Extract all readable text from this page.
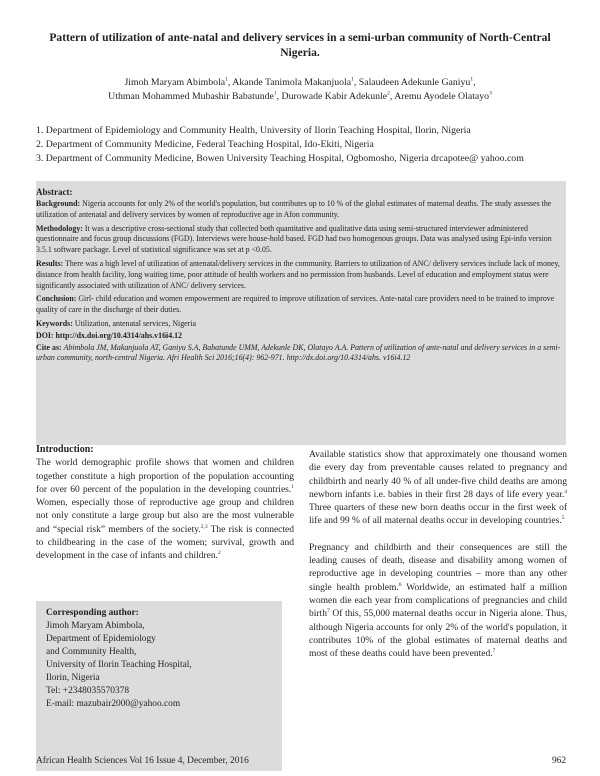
Pattern of utilization of ante-natal and delivery services in a semi-urban community of North-Central Nigeria.
Jimoh Maryam Abimbola$^1$, Akande Tanimola Makanjuola$^1$, Salaudeen Adekunle Ganiyu$^1$,
Uthman Mohammed Mubashir Babatunde$^1$, Durowade Kabir Adekunle$^2$, Aremu Ayodele Olatayo$^3$

1. Department of Epidemiology and Community Health, University of Ilorin Teaching Hospital, Ilorin, Nigeria

2. Department of Community Medicine, Federal Teaching Hospital, Ido-Ekiti, Nigeria

3. Department of Community Medicine, Bowen University Teaching Hospital, Ogbomosho, Nigeria drcapotee@ yahoo.com

Abstract:

Background: Nigeria accounts for only 2% of the world's population, but contributes up to 10 % of the global estimates of maternal deaths. The study assesses the utilization of antenatal and delivery services by women of reproductive age in Afon community.

Methodology: It was a descriptive cross-sectional study that collected both quantitative and qualitative data using semi-structured interviewer administered questionnaire and focus group discussions (FGD). Interviews were house-hold based. FGD had two homogenous groups. Data was analysed using Epi-info version 3.5.1 software package. Level of statistical significance was set at p <0.05.

Results: There was a high level of utilization of antenatal/delivery services in the community. Barriers to utilization of ANC/ delivery services include lack of money, distance from health facility, long waiting time, poor attitude of health workers and no permission from husbands. Level of education and employment status were significantly associated with utilization of ANC/ delivery services.

Conclusion: Girl- child education and women empowerment are required to improve utilization of services. Ante-natal care providers need to be trained to improve quality of care in the discharge of their duties.

Keywords: Utilization, antenatal services, Nigeria

DOI: http://dx.doi.org/10.4314/ahs.v16i4.12

Cite as: Abimbola JM, Makanjuola AT, Ganiyu S.A, Babatunde UMM, Adekunle DK, Olatayo A.A. Pattern of utilization of ante-natal and delivery services in a semi-urban community, north-central Nigeria. Afri Health Sci 2016;16(4): 962-971. http://dx.doi.org/10.4314/ahs. v16i4.12

Introduction:

The world demographic profile shows that women and children together constitute a high proportion of the population accounting for over 60 percent of the population in the developing countries.$^1$ Women, especially those of reproductive age group and children not only constitute a large group but also are the most vulnerable and “special risk” members of the society.$^{2,3}$ The risk is connected to childbearing in the case of the women; survival, growth and development in the case of infants and children.$^2$

Available statistics show that approximately one thousand women die every day from preventable causes related to pregnancy and childbirth and nearly 40 % of all under-five child deaths are among newborn infants i.e. babies in their first 28 days of life every year.$^4$ Three quarters of these new born deaths occur in the first week of life and 99 % of all maternal deaths occur in developing countries.$^5$

Pregnancy and childbirth and their consequences are still the leading causes of death, disease and disability among women of reproductive age in developing countries – more than any other single health problem.$^6$ Worldwide, an estimated half a million women die each year from complications of pregnancies and child birth$^7$ Of this, 55,000 maternal deaths occur in Nigeria alone. Thus, although Nigeria accounts for only 2% of the world's population, it contributes 10% of the global estimates of maternal deaths and most of these deaths could have been prevented.$^7$

Corresponding author:

Jimoh Maryam Abimbola,

Department of Epidemiology

and Community Health,

University of Ilorin Teaching Hospital,

Ilorin, Nigeria

Tel: +2348035570378

E-mail: mazubair2000@yahoo.com

African Health Sciences Vol 16 Issue 4, December, 2016	962
